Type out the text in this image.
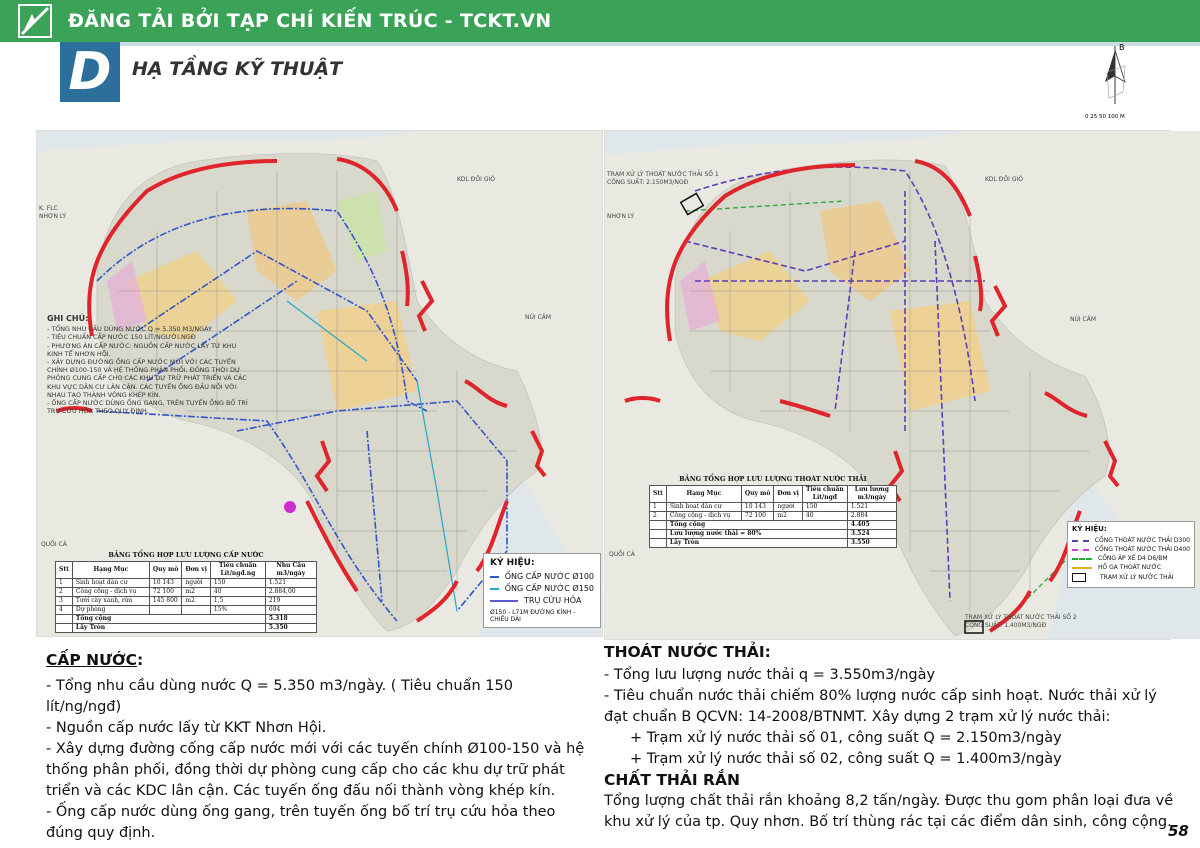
ĐĂNG TẢI BỞI TẠP CHÍ KIẾN TRÚC - TCKT.VN
D	HẠ TẦNG KỸ THUẬT
B
0 25 50 100 M
KDL ĐÔI GIÓ
NÚI CÂM
NHƠN LÝ
K. FLC
QUỐI CÁ
GHI CHÚ:
- TỔNG NHU CẦU DÙNG NƯỚC Q = 5.350 M3/NGÀY
- TIÊU CHUẨN CẤP NƯỚC 150 LÍT/NGƯỜI.NGĐ
- PHƯƠNG ÁN CẤP NƯỚC: NGUỒN CẤP NƯỚC LẤY TỪ KHU KINH TẾ NHƠN HỘI.
- XÂY DỰNG ĐƯỜNG ỐNG CẤP NƯỚC MỚI VỚI CÁC TUYẾN CHÍNH Ø100-150 VÀ HỆ THỐNG PHÂN PHỐI, ĐỒNG THỜI DỰ PHÒNG CUNG CẤP CHO CÁC KHU DỰ TRỮ PHÁT TRIỂN VÀ CÁC KHU VỰC DÂN CƯ LÂN CẬN. CÁC TUYẾN ỐNG ĐẦU NỐI VỚI NHAU TẠO THÀNH VÒNG KHÉP KÍN.
- ỐNG CẤP NƯỚC DÙNG ỐNG GANG, TRÊN TUYẾN ỐNG BỐ TRÍ TRỤ CỨU HỎA THEO QUY ĐỊNH.
BẢNG TỔNG HỢP LƯU LƯỢNG CẤP NƯỚC
Stt	Hạng Mục	Quy mô	Đơn vị	Tiêu chuẩn Lít/ngđ.ng	Nhu Cầu m3/ngày
1	Sinh hoạt dân cư	10 143	người	150	1.521
2	Công cộng - dịch vụ	72 100	m2	40	2.884,00
3	Tưới cây xanh, rửa	145 800	m2	1,5	219
4	Dự phòng			15%	694
	Tổng cộng				5.318
	Lấy Tròn				5.350
KÝ HIỆU:
ỐNG CẤP NƯỚC Ø100
ỐNG CẤP NƯỚC Ø150
TRỤ CỨU HỎA
Ø150 - L71M ĐƯỜNG KÍNH - CHIỀU DÀI
TRẠM XỬ LÝ THOÁT NƯỚC THẢI SỐ 1
CÔNG SUẤT: 2.150M3/NGĐ
TRẠM XỬ LÝ THOÁT NƯỚC THẢI SỐ 2
CÔNG SUẤT: 1.400M3/NGĐ
KDL ĐÔI GIÓ
NÚI CÂM
NHƠN LÝ
QUỐI CÁ
BẢNG TỔNG HỢP LƯU LƯỢNG THOÁT NƯỚC THẢI
Stt	Hạng Mục	Quy mô	Đơn vị	Tiêu chuẩn Lít/ngđ	Lưu lượng m3/ngày
1	Sinh hoạt dân cư	10 143	người	150	1.521
2	Công cộng - dịch vụ	72 100	m2	40	2.884
	Tổng cộng				4.405
	Lưu lượng nước thải = 80%				3.524
	Lấy Tròn				3.550
KÝ HIỆU:
CỐNG THOÁT NƯỚC THẢI D300
CỐNG THOÁT NƯỚC THẢI D400
CỐNG ÁP XẾ D4 D6/BM
HỐ GA THOÁT NƯỚC
TRẠM XỬ LÝ NƯỚC THẢI
CẤP NƯỚC:

- Tổng nhu cầu dùng nước Q = 5.350 m3/ngày. ( Tiêu chuẩn 150 lít/ng/ngđ)

- Nguồn cấp nước lấy từ KKT Nhơn Hội.

- Xây dựng đường cống cấp nước mới với các tuyến chính Ø100-150 và hệ thống phân phối, đồng thời dự phòng cung cấp cho các khu dự trữ phát triển và các KDC lân cận. Các tuyến ống đấu nối thành vòng khép kín.

- Ống cấp nước dùng ống gang, trên tuyến ống bố trí trụ cứu hỏa theo đúng quy định.

THOÁT NƯỚC THẢI:

- Tổng lưu lượng nước thải q = 3.550m3/ngày

- Tiêu chuẩn nước thải chiếm 80% lượng nước cấp sinh hoạt. Nước thải xử lý đạt chuẩn B QCVN: 14-2008/BTNMT. Xây dựng 2 trạm xử lý nước thải:

+ Trạm xử lý nước thải số 01, công suất Q = 2.150m3/ngày

+ Trạm xử lý nước thải số 02, công suất Q = 1.400m3/ngày

CHẤT THẢI RẮN

Tổng lượng chất thải rắn khoảng 8,2 tấn/ngày. Được thu gom phân loại đưa về khu xử lý của tp. Quy nhơn. Bố trí thùng rác tại các điểm dân sinh, công cộng.

58
